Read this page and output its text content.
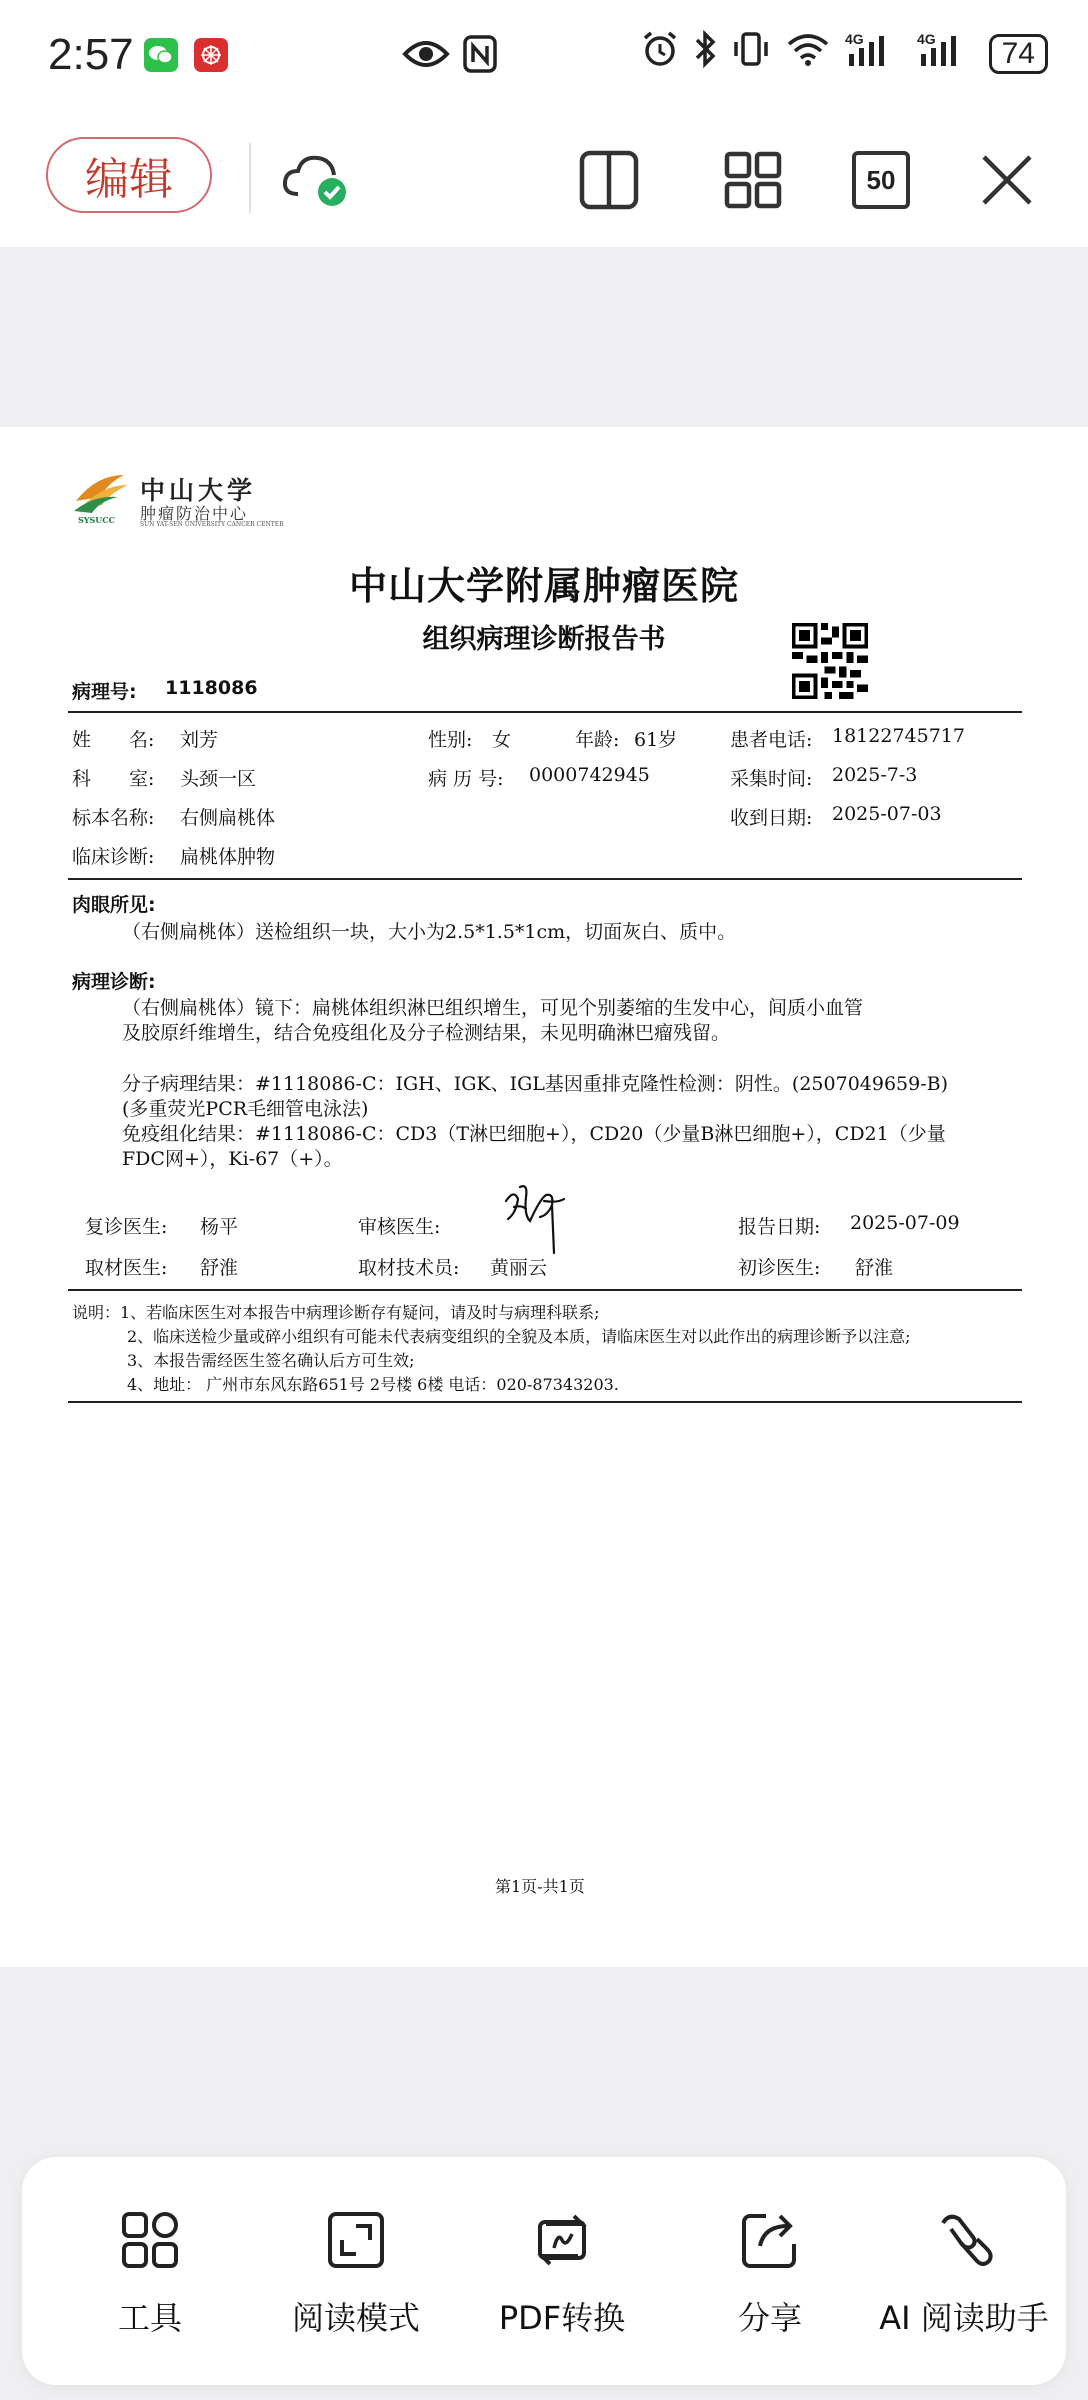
2:57	4G	4G	74
编辑	50
SYSUCC
中山大学
肿瘤防治中心
SUN YAT-SEN UNIVERSITY CANCER CENTER
中山大学附属肿瘤医院
组织病理诊断报告书
病理号: 1118086
姓　　名: 刘芳	性别: 女	年龄: 61岁	患者电话: 18122745717
科　　室: 头颈一区	病 历 号: 0000742945	采集时间: 2025-7-3
标本名称: 右侧扁桃体	收到日期: 2025-07-03
临床诊断: 扁桃体肿物
肉眼所见:
（右侧扁桃体）送检组织一块，大小为2.5*1.5*1cm，切面灰白、质中。
病理诊断:
（右侧扁桃体）镜下：扁桃体组织淋巴组织增生，可见个别萎缩的生发中心，间质小血管
及胶原纤维增生，结合免疫组化及分子检测结果，未见明确淋巴瘤残留。
分子病理结果：#1118086-C：IGH、IGK、IGL基因重排克隆性检测：阴性。(2507049659-B)
(多重荧光PCR毛细管电泳法)
免疫组化结果：#1118086-C：CD3（T淋巴细胞+），CD20（少量B淋巴细胞+），CD21（少量
FDC网+），Ki-67（+）。
复诊医生: 杨平	审核医生:	报告日期: 2025-07-09
取材医生: 舒淮	取材技术员: 黄丽云	初诊医生: 舒淮
说明：1、若临床医生对本报告中病理诊断存有疑问，请及时与病理科联系;
2、临床送检少量或碎小组织有可能未代表病变组织的全貌及本质，请临床医生对以此作出的病理诊断予以注意;
3、本报告需经医生签名确认后方可生效;
4、地址： 广州市东风东路651号 2号楼 6楼 电话：020-87343203.
第1页-共1页
工具	阅读模式 PDF转换	分享 AI 阅读助手
